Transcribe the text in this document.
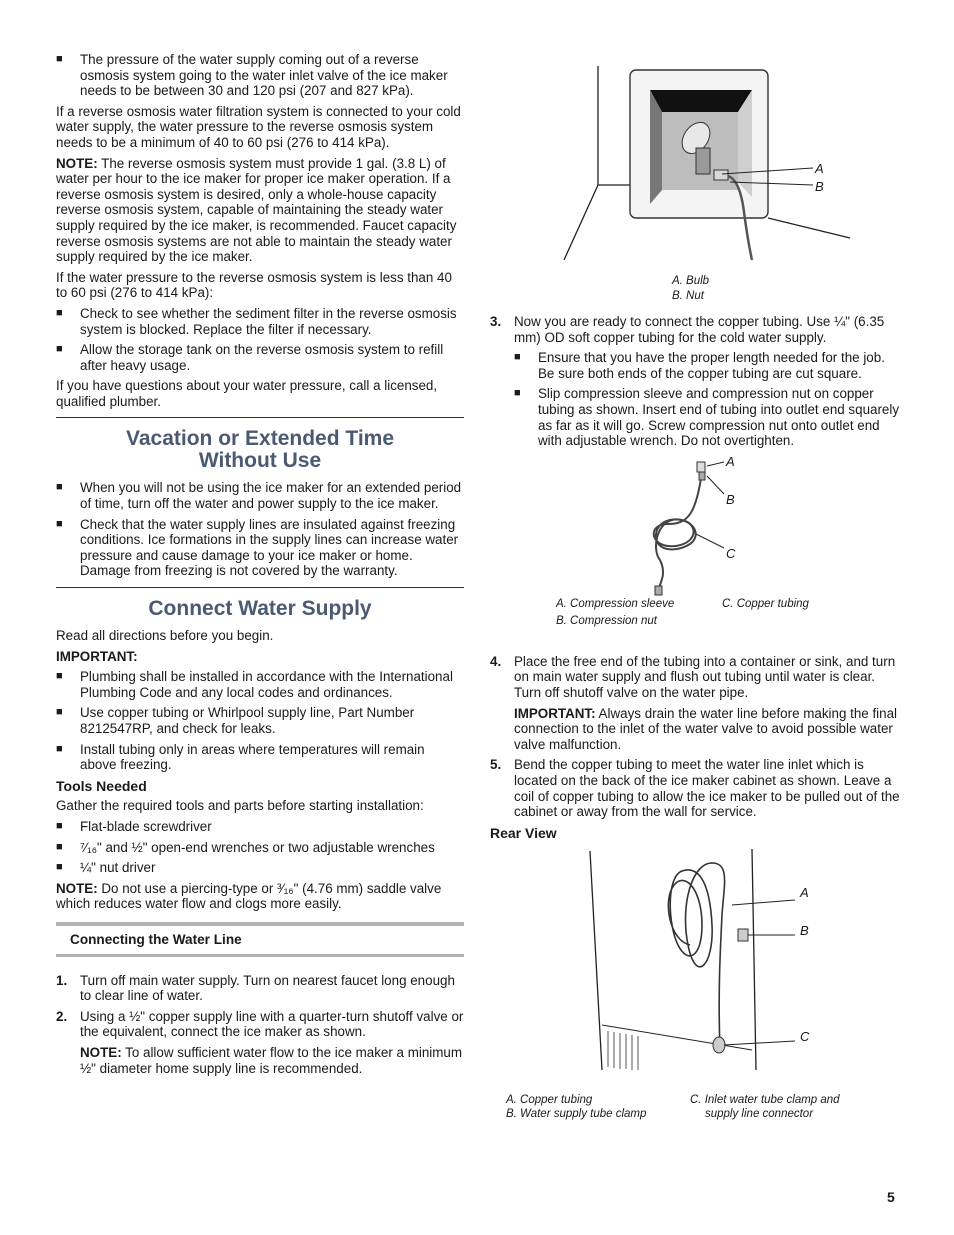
■ The pressure of the water supply coming out of a reverse osmosis system going to the water inlet valve of the ice maker needs to be between 30 and 120 psi (207 and 827 kPa).

If a reverse osmosis water filtration system is connected to your cold water supply, the water pressure to the reverse osmosis system needs to be a minimum of 40 to 60 psi (276 to 414 kPa).

NOTE: The reverse osmosis system must provide 1 gal. (3.8 L) of water per hour to the ice maker for proper ice maker operation. If a reverse osmosis system is desired, only a whole-house capacity reverse osmosis system, capable of maintaining the steady water supply required by the ice maker, is recommended. Faucet capacity reverse osmosis systems are not able to maintain the steady water supply required by the ice maker.

If the water pressure to the reverse osmosis system is less than 40 to 60 psi (276 to 414 kPa):

■ Check to see whether the sediment filter in the reverse osmosis system is blocked. Replace the filter if necessary.
■ Allow the storage tank on the reverse osmosis system to refill after heavy usage.

If you have questions about your water pressure, call a licensed, qualified plumber.

Vacation or Extended Time
Without Use
■ When you will not be using the ice maker for an extended period of time, turn off the water and power supply to the ice maker.
■ Check that the water supply lines are insulated against freezing conditions. Ice formations in the supply lines can increase water pressure and cause damage to your ice maker or home. Damage from freezing is not covered by the warranty.
Connect Water Supply

Read all directions before you begin.

IMPORTANT:

■ Plumbing shall be installed in accordance with the International Plumbing Code and any local codes and ordinances.
■ Use copper tubing or Whirlpool supply line, Part Number 8212547RP, and check for leaks.
■ Install tubing only in areas where temperatures will remain above freezing.
Tools Needed

Gather the required tools and parts before starting installation:

■ Flat-blade screwdriver
■ ⁷⁄₁₆" and ½" open-end wrenches or two adjustable wrenches
■ ¼" nut driver

NOTE: Do not use a piercing-type or ³⁄₁₆" (4.76 mm) saddle valve which reduces water flow and clogs more easily.

Connecting the Water Line
1. Turn off main water supply. Turn on nearest faucet long enough to clear line of water.
2. Using a ½" copper supply line with a quarter-turn shutoff valve or the equivalent, connect the ice maker as shown.

NOTE: To allow sufficient water flow to the ice maker a minimum ½" diameter home supply line is recommended.

A
B
A. Bulb
B. Nut
3. Now you are ready to connect the copper tubing. Use ¼" (6.35 mm) OD soft copper tubing for the cold water supply.
■ Ensure that you have the proper length needed for the job. Be sure both ends of the copper tubing are cut square.
■ Slip compression sleeve and compression nut on copper tubing as shown. Insert end of tubing into outlet end squarely as far as it will go. Screw compression nut onto outlet end with adjustable wrench. Do not overtighten.
A
B
C
A. Compression sleeve
B. Compression nut
C. Copper tubing
4. Place the free end of the tubing into a container or sink, and turn on main water supply and flush out tubing until water is clear. Turn off shutoff valve on the water pipe.

IMPORTANT: Always drain the water line before making the final connection to the inlet of the water valve to avoid possible water valve malfunction.

5. Bend the copper tubing to meet the water line inlet which is located on the back of the ice maker cabinet as shown. Leave a coil of copper tubing to allow the ice maker to be pulled out of the cabinet or away from the wall for service.
Rear View
A
B
C
A. Copper tubing
B. Water supply tube clamp
C. Inlet water tube clamp and
supply line connector
5
